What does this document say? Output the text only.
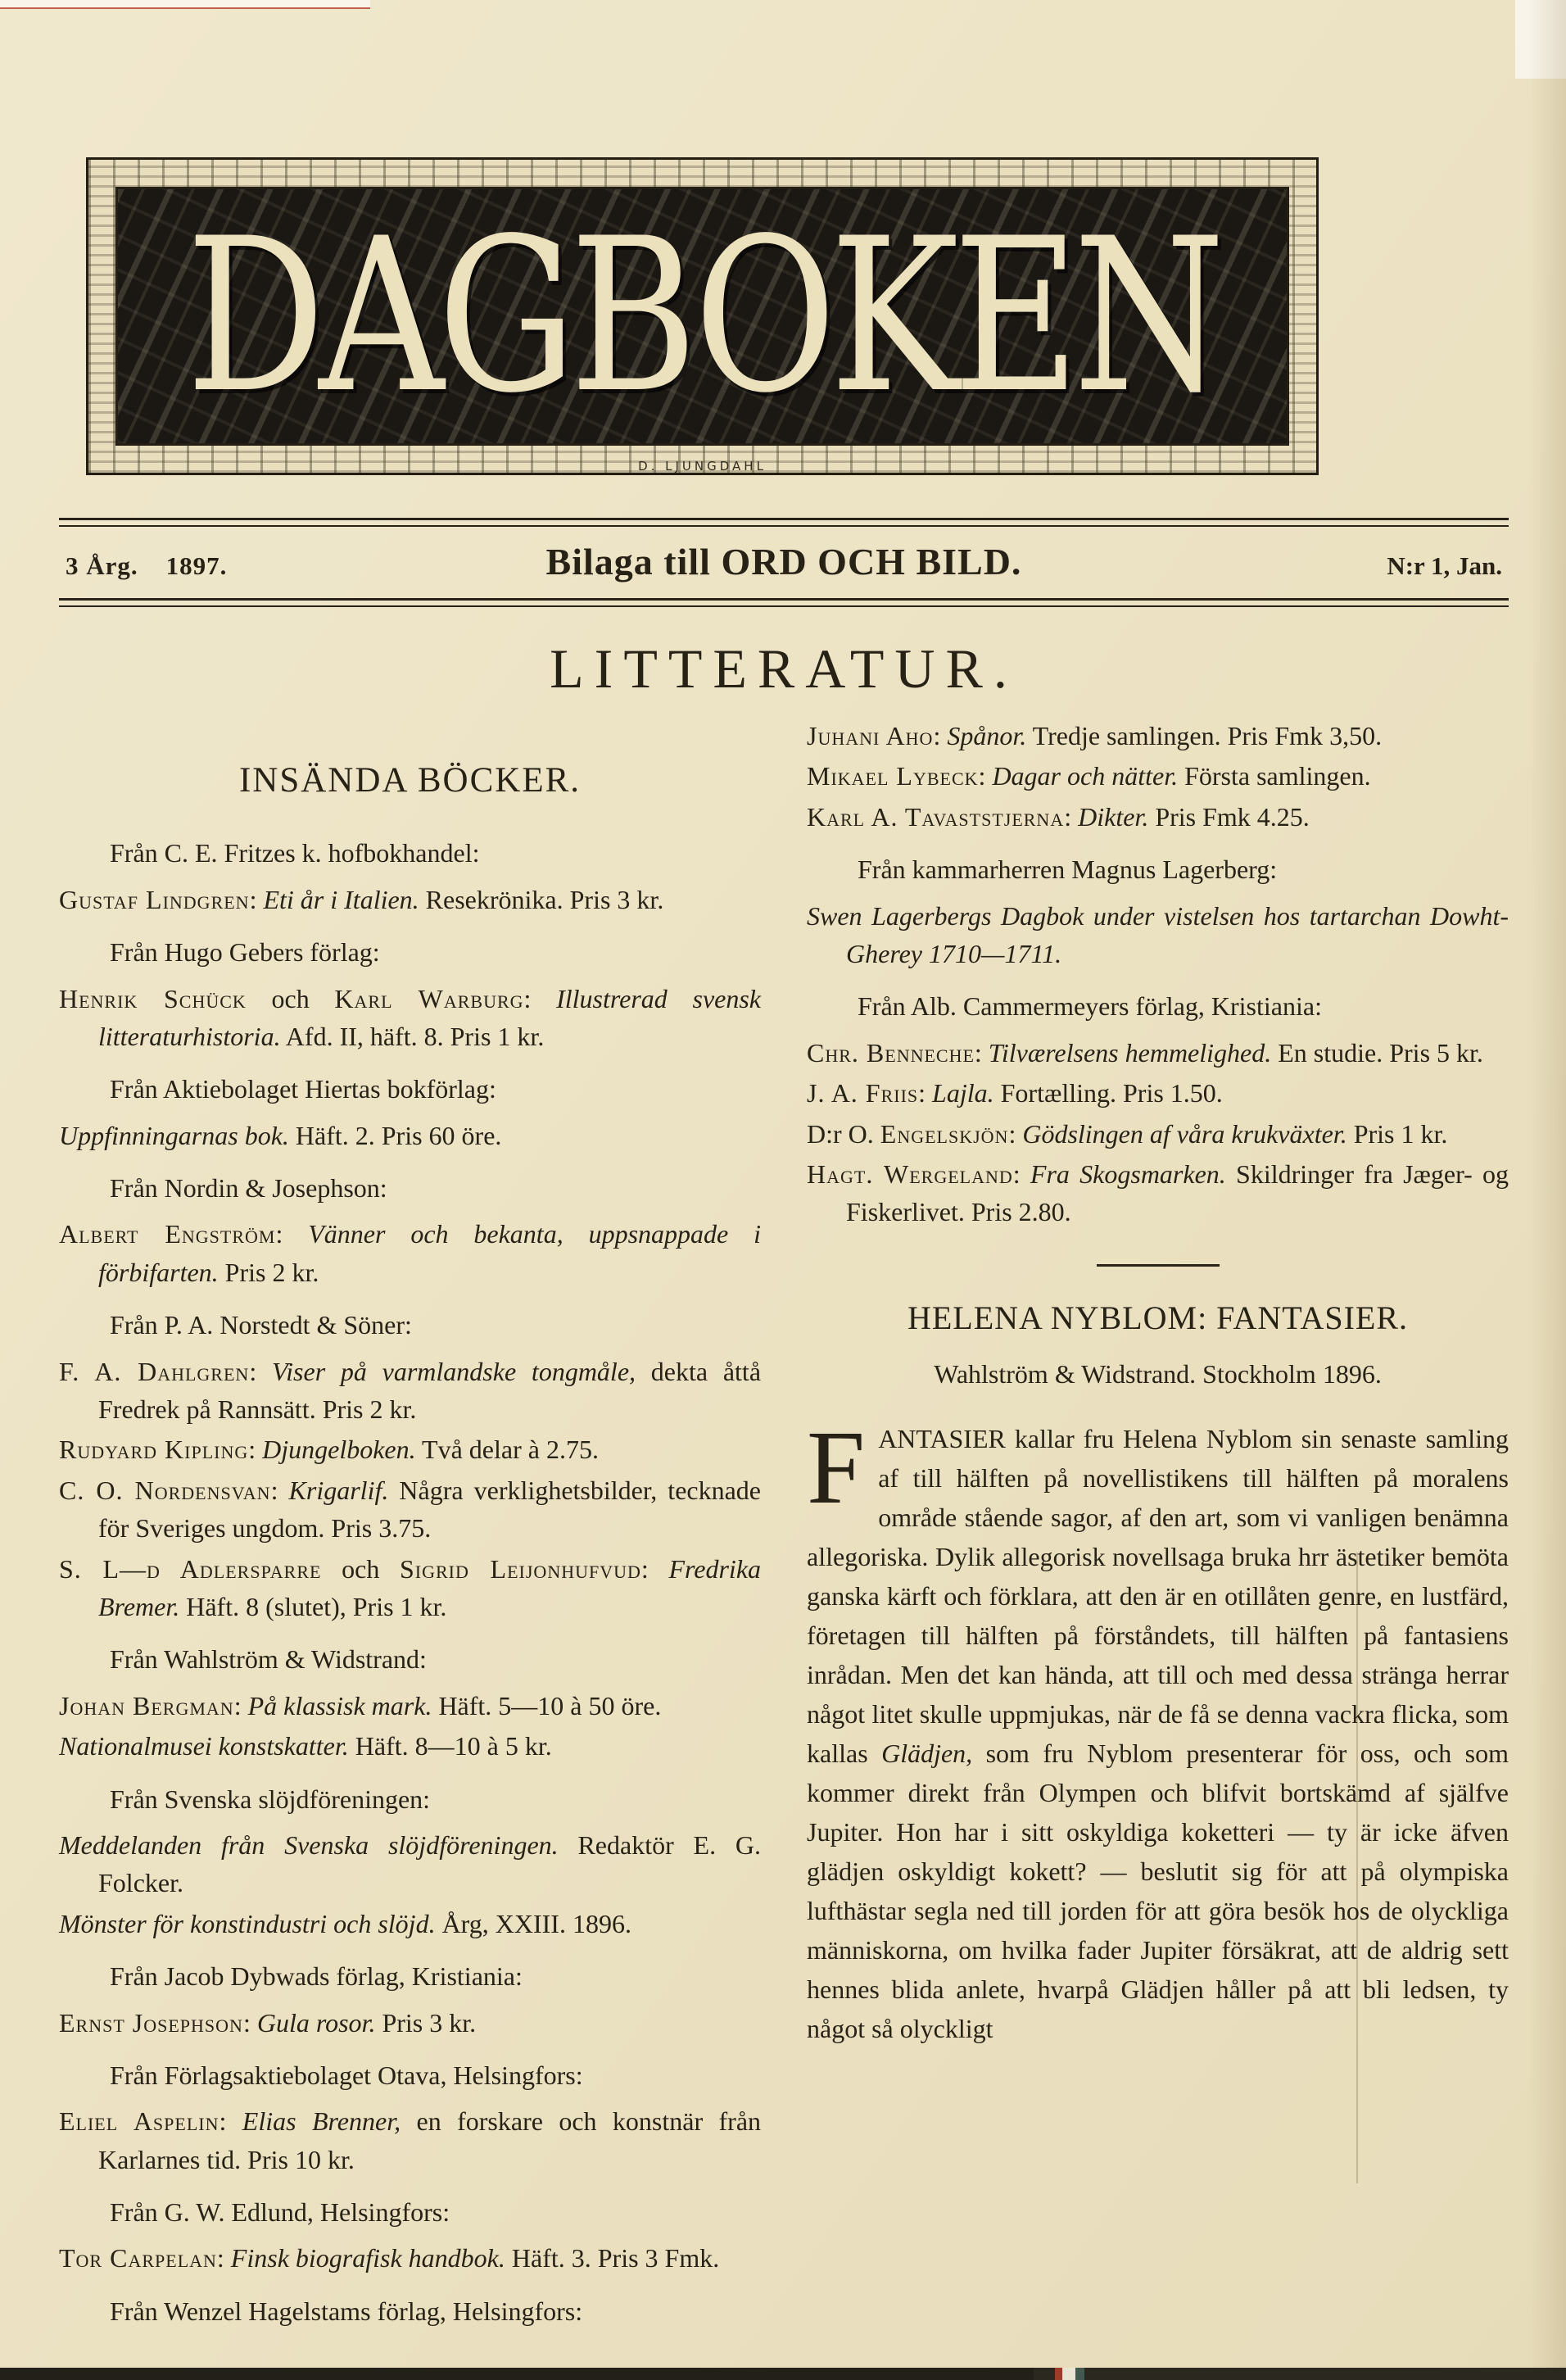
DAGBOKEN
D. LJUNGDAHL
3 Årg. 1897.	Bilaga till ORD OCH BILD.	N:r 1, Jan.
LITTERATUR.
INSÄNDA BÖCKER.

Från C. E. Fritzes k. hofbokhandel:

Gustaf Lindgren: Eti år i Italien. Resekrönika. Pris 3 kr.

Från Hugo Gebers förlag:

Henrik Schück och Karl Warburg: Illustrerad svensk litteraturhistoria. Afd. II, häft. 8. Pris 1 kr.

Från Aktiebolaget Hiertas bokförlag:

Uppfinningarnas bok. Häft. 2. Pris 60 öre.

Från Nordin & Josephson:

Albert Engström: Vänner och bekanta, uppsnappade i förbifarten. Pris 2 kr.

Från P. A. Norstedt & Söner:

F. A. Dahlgren: Viser på varmlandske tongmåle, dekta åttå Fredrek på Rannsätt. Pris 2 kr.

Rudyard Kipling: Djungelboken. Två delar à 2.75.

C. O. Nordensvan: Krigarlif. Några verklighetsbilder, tecknade för Sveriges ungdom. Pris 3.75.

S. L—d Adlersparre och Sigrid Leijonhufvud: Fredrika Bremer. Häft. 8 (slutet), Pris 1 kr.

Från Wahlström & Widstrand:

Johan Bergman: På klassisk mark. Häft. 5—10 à 50 öre.

Nationalmusei konstskatter. Häft. 8—10 à 5 kr.

Från Svenska slöjdföreningen:

Meddelanden från Svenska slöjdföreningen. Redaktör E. G. Folcker.

Mönster för konstindustri och slöjd. Årg, XXIII. 1896.

Från Jacob Dybwads förlag, Kristiania:

Ernst Josephson: Gula rosor. Pris 3 kr.

Från Förlagsaktiebolaget Otava, Helsingfors:

Eliel Aspelin: Elias Brenner, en forskare och konstnär från Karlarnes tid. Pris 10 kr.

Från G. W. Edlund, Helsingfors:

Tor Carpelan: Finsk biografisk handbok. Häft. 3. Pris 3 Fmk.

Från Wenzel Hagelstams förlag, Helsingfors:

Juhani Aho: Spånor. Tredje samlingen. Pris Fmk 3,50.

Mikael Lybeck: Dagar och nätter. Första samlingen.

Karl A. Tavaststjerna: Dikter. Pris Fmk 4.25.

Från kammarherren Magnus Lagerberg:

Swen Lagerbergs Dagbok under vistelsen hos tartarchan Dowht-Gherey 1710—1711.

Från Alb. Cammermeyers förlag, Kristiania:

Chr. Benneche: Tilværelsens hemmelighed. En studie. Pris 5 kr.

J. A. Friis: Lajla. Fortælling. Pris 1.50.

D:r O. Engelskjön: Gödslingen af våra krukväxter. Pris 1 kr.

Hagt. Wergeland: Fra Skogsmarken. Skildringer fra Jæger- og Fiskerlivet. Pris 2.80.

HELENA NYBLOM: FANTASIER.
Wahlström & Widstrand. Stockholm 1896.

FANTASIER kallar fru Helena Nyblom sin senaste samling af till hälften på novellistikens till hälften på moralens område stående sagor, af den art, som vi vanligen benämna allegoriska. Dylik allegorisk novellsaga bruka hrr ästetiker bemöta ganska kärft och förklara, att den är en otillåten genre, en lustfärd, företagen till hälften på förståndets, till hälften på fantasiens inrådan. Men det kan hända, att till och med dessa stränga herrar något litet skulle uppmjukas, när de få se denna vackra flicka, som kallas Glädjen, som fru Nyblom presenterar för oss, och som kommer direkt från Olympen och blifvit bortskämd af själfve Jupiter. Hon har i sitt oskyldiga koketteri — ty är icke äfven glädjen oskyldigt kokett? — beslutit sig för att på olympiska lufthästar segla ned till jorden för att göra besök hos de olyckliga människorna, om hvilka fader Jupiter försäkrat, att de aldrig sett hennes blida anlete, hvarpå Glädjen håller på att bli ledsen, ty något så olyckligt
